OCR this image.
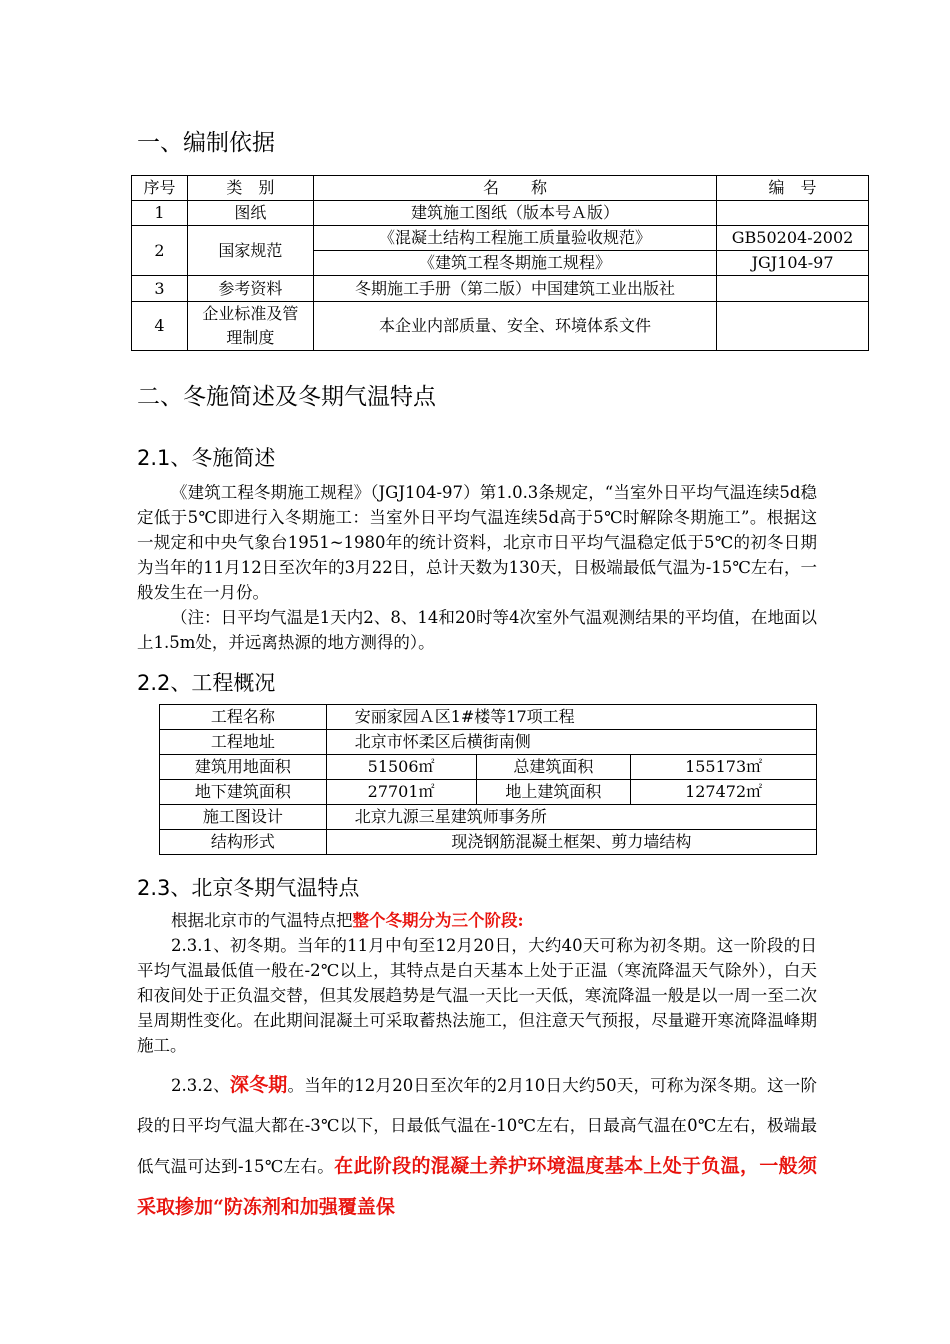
一、编制依据
序号	类　别	名　　称	编　号
1	图纸	建筑施工图纸（版本号Ａ版）	
2	国家规范	《混凝土结构工程施工质量验收规范》	GB50204-2002
		《建筑工程冬期施工规程》	JGJ104-97
3	参考资料	冬期施工手册（第二版）中国建筑工业出版社	
4	企业标准及管理制度	本企业内部质量、安全、环境体系文件	
二、冬施简述及冬期气温特点
2.1、冬施简述

《建筑工程冬期施工规程》（JGJ104-97）第1.0.3条规定，“当室外日平均气温连续5d稳定低于5℃即进行入冬期施工：当室外日平均气温连续5d高于5℃时解除冬期施工”。根据这一规定和中央气象台1951~1980年的统计资料，北京市日平均气温稳定低于5℃的初冬日期为当年的11月12日至次年的3月22日，总计天数为130天，日极端最低气温为-15℃左右，一般发生在一月份。

（注：日平均气温是1天内2、8、14和20时等4次室外气温观测结果的平均值，在地面以上1.5m处，并远离热源的地方测得的）。

2.2、工程概况
工程名称	安丽家园Ａ区1#楼等17项工程		
工程地址	北京市怀柔区后横街南侧		
建筑用地面积	51506㎡	总建筑面积	155173㎡
地下建筑面积	27701㎡	地上建筑面积	127472㎡
施工图设计	北京九源三星建筑师事务所		
结构形式	现浇钢筋混凝土框架、剪力墙结构		
2.3、北京冬期气温特点

根据北京市的气温特点把整个冬期分为三个阶段:

2.3.1、初冬期。当年的11月中旬至12月20日，大约40天可称为初冬期。这一阶段的日平均气温最低值一般在-2℃以上，其特点是白天基本上处于正温（寒流降温天气除外），白天和夜间处于正负温交替，但其发展趋势是气温一天比一天低，寒流降温一般是以一周一至二次呈周期性变化。在此期间混凝土可采取蓄热法施工，但注意天气预报，尽量避开寒流降温峰期施工。

2.3.2、深冬期。当年的12月20日至次年的2月10日大约50天，可称为深冬期。这一阶段的日平均气温大都在-3℃以下，日最低气温在-10℃左右，日最高气温在0℃左右，极端最低气温可达到-15℃左右。在此阶段的混凝土养护环境温度基本上处于负温，一般须采取掺加“防冻剂和加强覆盖保
